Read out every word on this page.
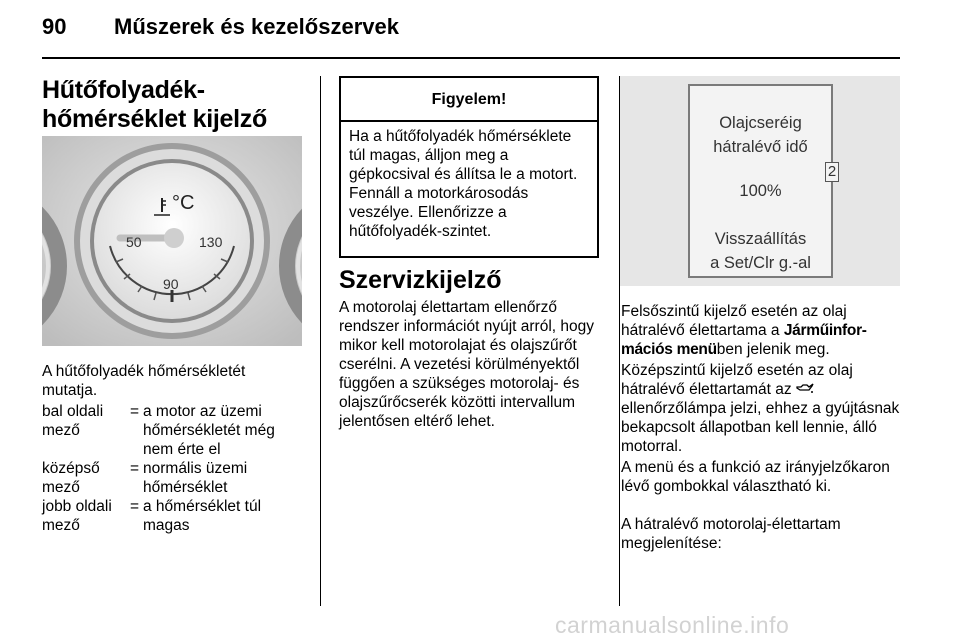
90 Műszerek és kezelőszervek
Hűtőfolyadék-hőmérséklet kijelző
°C
50	130
90
A hűtőfolyadék hőmérsékletét mutatja.
bal oldali mező
= a motor az üzemi hőmérsékletét még nem érte el
középső mező
= normális üzemi hőmérséklet
jobb oldali mező
= a hőmérséklet túl magas
Figyelem!
Ha a hűtőfolyadék hőmérséklete túl magas, álljon meg a gépkocsival és állítsa le a motort. Fennáll a motorkárosodás veszélye. Ellenőrizze a hűtőfolyadék-szintet.
Szervizkijelző
A motorolaj élettartam ellenőrző rendszer információt nyújt arról, hogy mikor kell motorolajat és olajszűrőt cserélni. A vezetési körülményektől függően a szükséges motorolaj- és olajszűrőcserék közötti intervallum jelentősen eltérő lehet.
Olajcseréig
hátralévő idő
2
100%
Visszaállítás
a Set/Clr g.-al
Felsőszintű kijelző esetén az olaj hátralévő élettartama a Járműinfor-mációs menüben jelenik meg.
Középszintű kijelző esetén az olaj hátralévő élettartamát az  ellenőrzőlámpa jelzi, ehhez a gyújtásnak bekapcsolt állapotban kell lennie, álló motorral.
A menü és a funkció az irányjelzőkaron lévő gombokkal választható ki.
A hátralévő motorolaj-élettartam megjelenítése:
carmanualsonline.info
